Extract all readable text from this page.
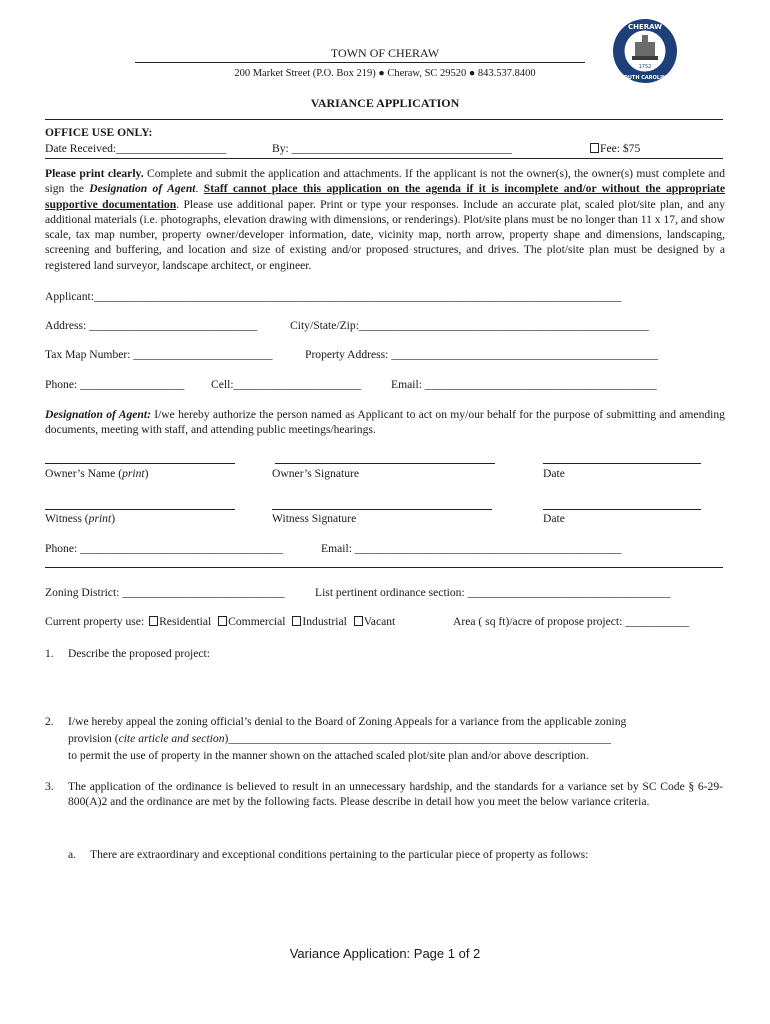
TOWN OF CHERAW
200 Market Street (P.O. Box 219) ● Cheraw, SC 29520 ● 843.537.8400
CHERAW
SOUTH CAROLINA
1752
VARIANCE APPLICATION
OFFICE USE ONLY:
Date Received:___________________	By: ______________________________________	Fee: $75
Please print clearly. Complete and submit the application and attachments. If the applicant is not the owner(s), the owner(s) must complete and sign the Designation of Agent. Staff cannot place this application on the agenda if it is incomplete and/or without the appropriate supportive documentation. Please use additional paper. Print or type your responses. Include an accurate plat, scaled plot/site plan, and any additional materials (i.e. photographs, elevation drawing with dimensions, or renderings). Plot/site plans must be no longer than 11 x 17, and show scale, tax map number, property owner/developer information, date, vicinity map, north arrow, property shape and dimensions, landscaping, screening and buffering, and location and size of existing and/or proposed structures, and drives. The plot/site plan must be designed by a registered land surveyor, landscape architect, or engineer.
Applicant:___________________________________________________________________________________________
Address: _____________________________	City/State/Zip:__________________________________________________
Tax Map Number: ________________________	Property Address: ______________________________________________
Phone: __________________ Cell:______________________	Email: ________________________________________
Designation of Agent: I/we hereby authorize the person named as Applicant to act on my/our behalf for the purpose of submitting and amending documents, meeting with staff, and attending public meetings/hearings.
Owner’s Name (print)	Owner’s Signature	Date
Witness (print)	Witness Signature	Date
Phone: ___________________________________	Email: ______________________________________________
Zoning District: ____________________________	List pertinent ordinance section: ___________________________________
Current property use: Residential Commercial Industrial Vacant	Area ( sq ft)/acre of propose project: ___________
1. Describe the proposed project:
2. I/we hereby appeal the zoning official’s denial to the Board of Zoning Appeals for a variance from the applicable zoning
provision (cite article and section)__________________________________________________________________
to permit the use of property in the manner shown on the attached scaled plot/site plan and/or above description.
3. The application of the ordinance is believed to result in an unnecessary hardship, and the standards for a variance set by SC Code § 6-29-800(A)2 and the ordinance are met by the following facts. Please describe in detail how you meet the below variance criteria.
a. There are extraordinary and exceptional conditions pertaining to the particular piece of property as follows:
Variance Application: Page 1 of 2
